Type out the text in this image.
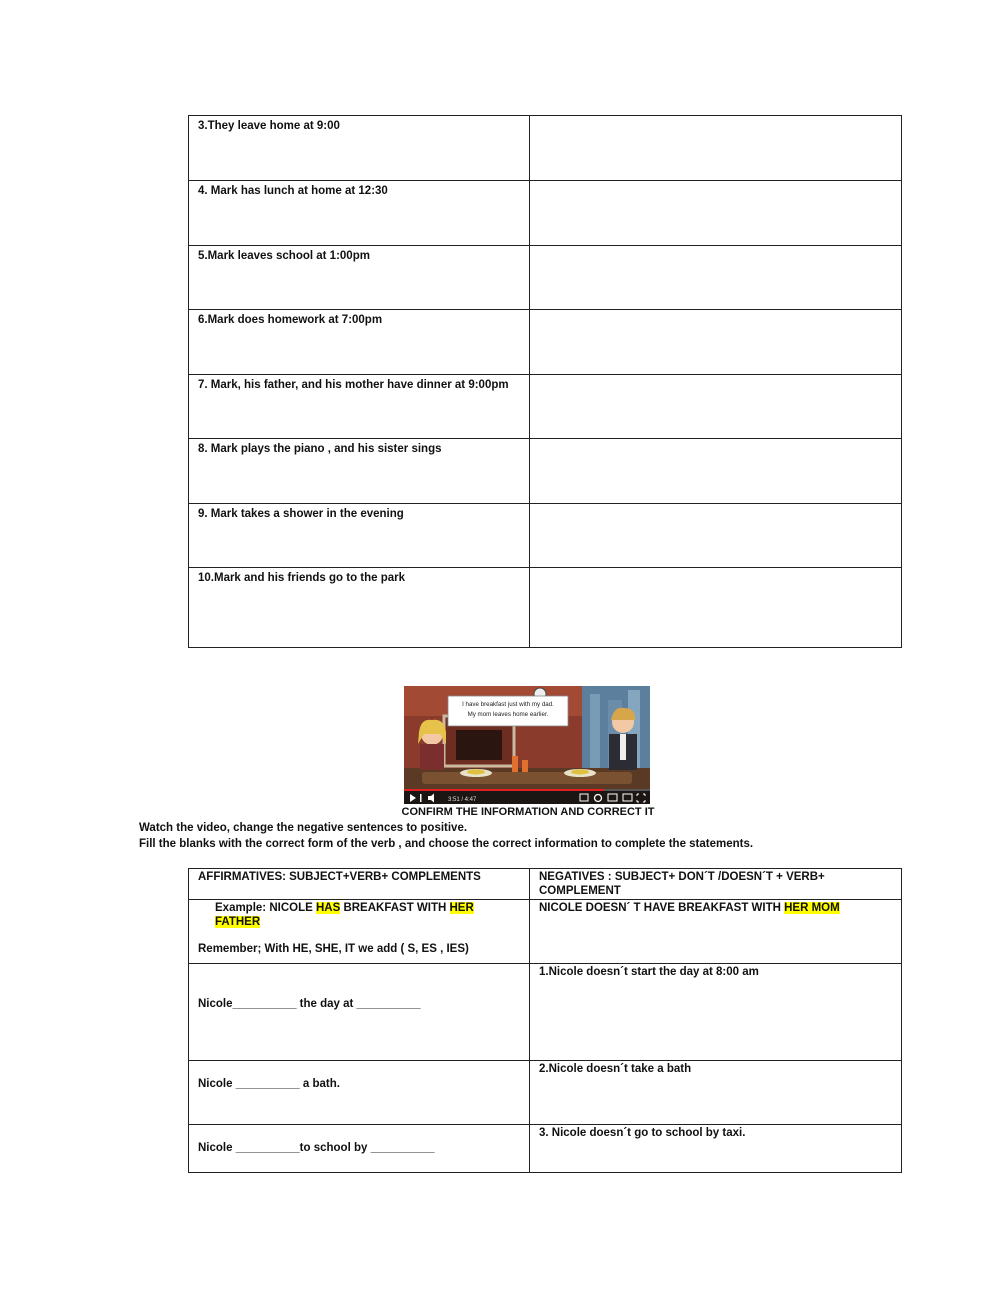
3.They leave home at 9:00	

4. Mark has lunch at home at 12:30	

5.Mark leaves school at 1:00pm	

6.Mark does homework at 7:00pm	

7. Mark, his father, and his mother have dinner at 9:00pm	

8. Mark plays the piano , and his sister sings	

9. Mark takes a shower in the evening	

10.Mark and his friends go to the park	

I have breakfast just with my dad.
My mom leaves home earlier.
3:51 / 4:47
CONFIRM THE INFORMATION AND CORRECT IT
Watch the video, change the negative sentences to positive.
Fill the blanks with the correct form of the verb , and choose the correct information to complete the statements.
AFFIRMATIVES: SUBJECT+VERB+ COMPLEMENTS	NEGATIVES : SUBJECT+ DON´T /DOESN´T + VERB+ COMPLEMENT

Example: NICOLE HAS BREAKFAST WITH HER FATHER
Remember; With HE, SHE, IT we add ( S, ES , IES)	NICOLE DOESN´ T HAVE BREAKFAST WITH HER MOM

Nicole__________ the day at __________	1.Nicole doesn´t start the day at 8:00 am

Nicole __________ a bath.	2.Nicole doesn´t take a bath

Nicole __________to school by __________	3. Nicole doesn´t go to school by taxi.
